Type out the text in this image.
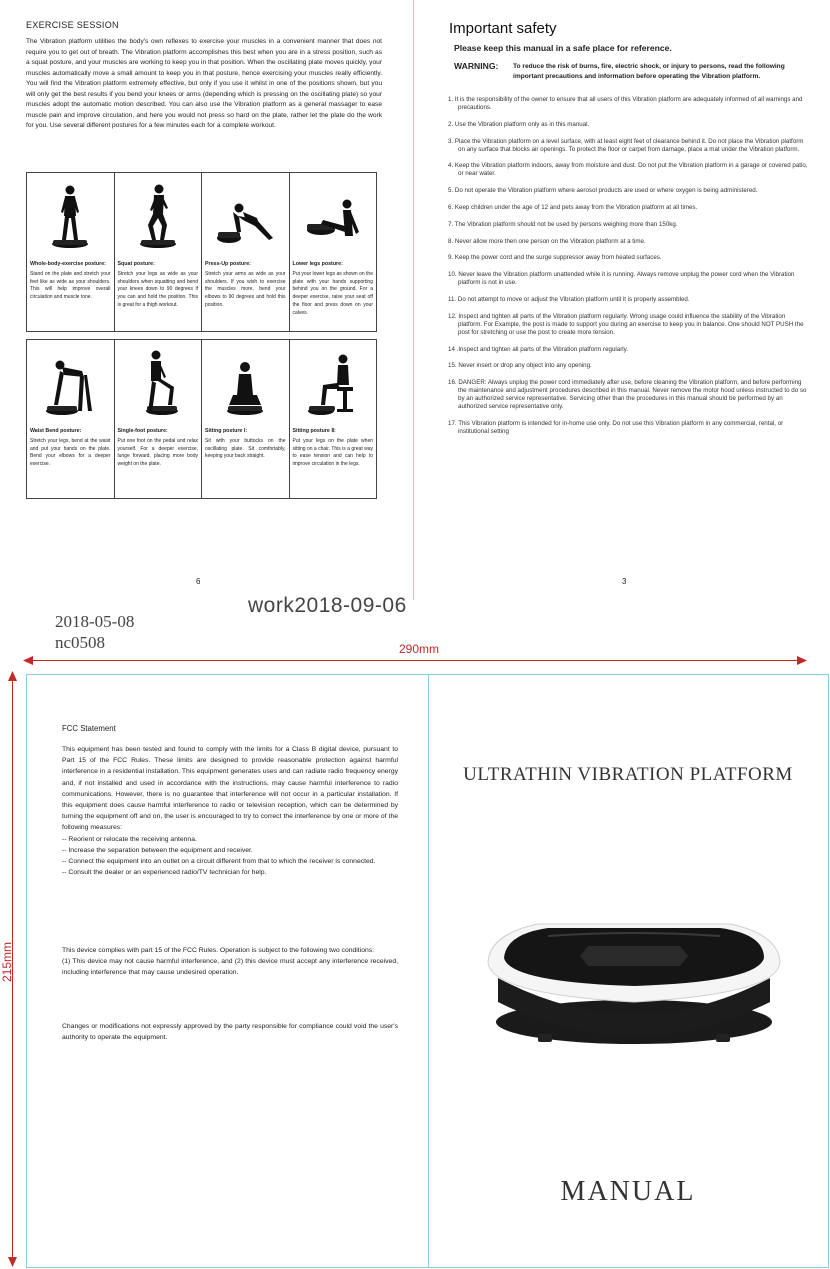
EXERCISE SESSION
The Vibration platform utilities the body's own reflexes to exercise your muscles in a convenient manner that does not require you to get out of breath. The Vibration platform accomplishes this best when you are in a stress position, such as a squat posture, and your muscles are working to keep you in that position. When the oscillating plate moves quickly, your muscles automatically move a small amount to keep you in that posture, hence exercising your muscles really efficiently. You will find the Vibration platform extremely effective, but only if you use it whilst in one of the positions shown, but you will only get the best results if you bend your knees or arms (depending which is pressing on the oscillating plate) so your muscles adopt the automatic motion described. You can also use the Vibration platform as a general massager to ease muscle pain and improve circulation, and here you would not press so hard on the plate, rather let the plate do the work for you. Use several different postures for a few minutes each for a complete workout.
Whole-body-exercise posture:
Stand on the plate and stretch your feet like as wide as your shoulders. This will help improve overall circulation and muscle tone.
Squat posture:
Stretch your legs as wide as your shoulders when squatting and bend your knees down to 90 degrees if you can and hold the position. This is great for a thigh workout.
Press-Up posture:
Stretch your arms as wide as your shoulders. If you wish to exercise the muscles more, bend your elbows to 90 degrees and hold this position.
Lower legs posture:
Put your lower legs as shown on the plate with your hands supporting behind you on the ground. For a deeper exercise, raise your seat off the floor and press down on your calves.
Waist Bend posture:
Stretch your legs, bend at the waist and put your hands on the plate. Bend your elbows for a deeper exercise.
Single-foot posture:
Put one foot on the pedal and relax yourself. For a deeper exercise, lunge forward, placing more body weight on the plate.
Sitting posture Ⅰ:
Sit with your buttocks on the oscillating plate. Sit comfortably, keeping your back straight.
Sitting posture Ⅱ:
Put your legs on the plate when sitting on a chair. This is a great way to ease tension and can help to improve circulation in the legs.
6
Important safety
Please keep this manual in a safe place for reference.
WARNING: To reduce the risk of burns, fire, electric shock, or injury to persons, read the following important precautions and information before operating the Vibration platform.
1. It is the responsibility of the owner to ensure that all users of this Vibration platform are adequately informed of all warnings and precautions.
2. Use the Vibration platform only as in this manual.
3. Place the Vibration platform on a level surface, with at least eight feet of clearance behind it. Do not place the Vibration platform on any surface that blocks air openings. To protect the floor or carpet from damage, place a mat under the Vibration platform.
4. Keep the Vibration platform indoors, away from moisture and dust. Do not put the Vibration platform in a garage or covered patio, or near water.
5. Do not operate the Vibration platform where aerosol products are used or where oxygen is being administered.
6. Keep children under the age of 12 and pets away from the Vibration platform at all times.
7. The Vibration platform should not be used by persons weighing more than 150kg.
8. Never allow more then one person on the Vibration platform at a time.
9. Keep the power cord and the surge suppressor away from heated surfaces.
10. Never leave the Vibration platform unattended while it is running. Always remove unplug the power cord when the Vibration platform is not in use.
11. Do not attempt to move or adjust the Vibration platform until it is properly assembled.
12. Inspect and tighten all parts of the Vibration platform regularly. Wrong usage could influence the stability of the Vibration platform. For Example, the post is made to support you during an exercise to keep you in balance. One should NOT PUSH the post for stretching or use the post to create more tension.
14 .Inspect and tighten all parts of the Vibration platform regularly.
15. Never insert or drop any object into any opening.
16. DANGER: Always unplug the power cord immediately after use, before cleaning the Vibration platform, and before performing the maintenance and adjustment procedures described in this manual. Never remove the motor hood unless instructed to do so by an authorized service representative. Servicing other than the procedures in this manual should be performed by an authorized service representative only.
17. This Vibration platform is intended for in-home use only. Do not use this Vibration platform in any commercial, rental, or institutional setting
3
work2018-09-06
2018-05-08
nc0508	290mm
215mm
FCC Statement

This equipment has been tested and found to comply with the limits for a Class B digital device, pursuant to Part 15 of the FCC Rules. These limits are designed to provide reasonable protection against harmful interference in a residential installation. This equipment generates uses and can radiate radio frequency energy and, if not installed and used in accordance with the instructions, may cause harmful interference to radio communications. However, there is no guarantee that interference will not occur in a particular installation. If this equipment does cause harmful interference to radio or television reception, which can be determined by turning the equipment off and on, the user is encouraged to try to correct the interference by one or more of the following measures:

-- Reorient or relocate the receiving antenna.

-- Increase the separation between the equipment and receiver.

-- Connect the equipment into an outlet on a circuit different from that to which the receiver is connected.

-- Consult the dealer or an experienced radio/TV technician for help.

This device complies with part 15 of the FCC Rules. Operation is subject to the following two conditions:

(1) This device may not cause harmful interference, and (2) this device must accept any interference received, including interference that may cause undesired operation.

Changes or modifications not expressly approved by the party responsible for compliance could void the user's authority to operate the equipment.

ULTRATHIN VIBRATION PLATFORM
MANUAL
